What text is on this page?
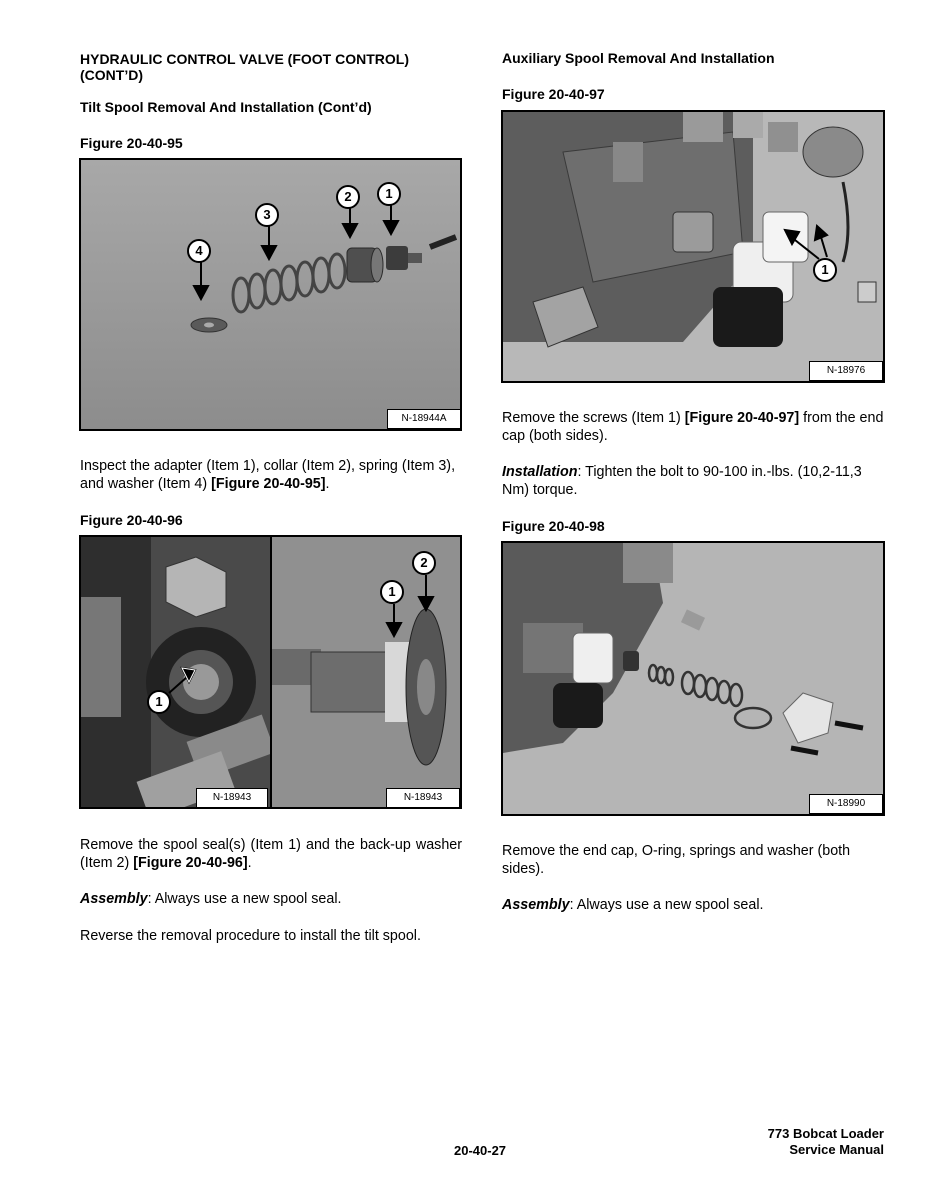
HYDRAULIC CONTROL VALVE (FOOT CONTROL) (CONT’D)
Tilt Spool Removal And Installation (Cont’d)
Figure 20-40-95
4
3
2	1
N-18944A
Inspect the adapter (Item 1), collar (Item 2), spring (Item 3), and washer (Item 4) [Figure 20-40-95].
Figure 20-40-96
1
1
2
N-18943	N-18943
Remove the spool seal(s) (Item 1) and the back-up washer (Item 2) [Figure 20-40-96].
Assembly: Always use a new spool seal.
Reverse the removal procedure to install the tilt spool.
Auxiliary Spool Removal And Installation
Figure 20-40-97
1
N-18976
Remove the screws (Item 1) [Figure 20-40-97] from the end cap (both sides).
Installation: Tighten the bolt to 90-100 in.-lbs. (10,2-11,3 Nm) torque.
Figure 20-40-98
N-18990
Remove the end cap, O-ring, springs and washer (both sides).
Assembly: Always use a new spool seal.
20-40-27
773 Bobcat Loader
Service Manual
